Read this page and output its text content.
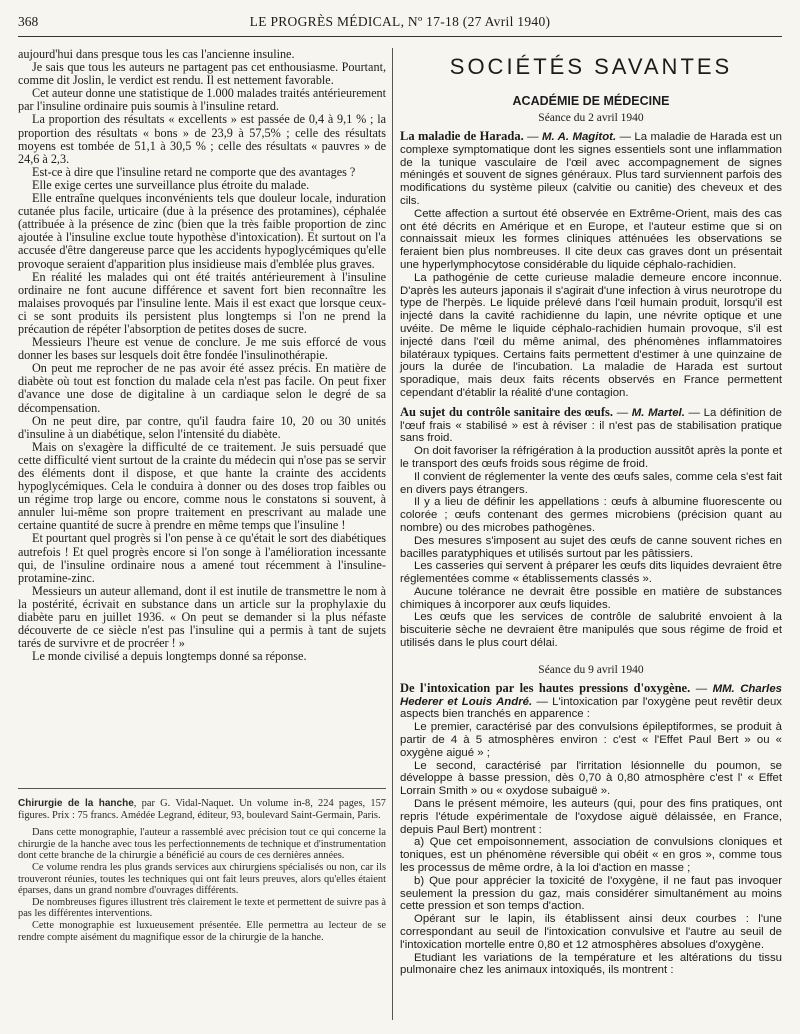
368	LE PROGRÈS MÉDICAL, Nº 17-18 (27 Avril 1940)

aujourd'hui dans presque tous les cas l'ancienne insuline.

Je sais que tous les auteurs ne partagent pas cet enthousiasme. Pourtant, comme dit Joslin, le verdict est rendu. Il est nettement favorable.

Cet auteur donne une statistique de 1.000 malades traités antérieurement par l'insuline ordinaire puis soumis à l'insuline retard.

La proportion des résultats « excellents » est passée de 0,4 à 9,1 % ; la proportion des résultats « bons » de 23,9 à 57,5% ; celle des résultats moyens est tombée de 51,1 à 30,5 % ; celle des résultats « pauvres » de 24,6 à 2,3.

Est-ce à dire que l'insuline retard ne comporte que des avantages ?

Elle exige certes une surveillance plus étroite du malade.

Elle entraîne quelques inconvénients tels que douleur locale, induration cutanée plus facile, urticaire (due à la présence des protamines), céphalée (attribuée à la présence de zinc (bien que la très faible proportion de zinc ajoutée à l'insuline exclue toute hypothèse d'intoxication). Et surtout on l'a accusée d'être dangereuse parce que les accidents hypoglycémiques qu'elle provoque seraient d'apparition plus insidieuse mais d'emblée plus graves.

En réalité les malades qui ont été traités antérieurement à l'insuline ordinaire ne font aucune différence et savent fort bien reconnaître les malaises provoqués par l'insuline lente. Mais il est exact que lorsque ceux-ci se sont produits ils persistent plus longtemps si l'on ne prend la précaution de répéter l'absorption de petites doses de sucre.

Messieurs l'heure est venue de conclure. Je me suis efforcé de vous donner les bases sur lesquels doit être fondée l'insulinothérapie.

On peut me reprocher de ne pas avoir été assez précis. En matière de diabète où tout est fonction du malade cela n'est pas facile. On peut fixer d'avance une dose de digitaline à un cardiaque selon le degré de sa décompensation.

On ne peut dire, par contre, qu'il faudra faire 10, 20 ou 30 unités d'insuline à un diabétique, selon l'intensité du diabète.

Mais on s'exagère la difficulté de ce traitement. Je suis persuadé que cette difficulté vient surtout de la crainte du médecin qui n'ose pas se servir des éléments dont il dispose, et que hante la crainte des accidents hypoglycémiques. Cela le conduira à donner ou des doses trop faibles ou un régime trop large ou encore, comme nous le constatons si souvent, à annuler lui-même son propre traitement en prescrivant au malade une certaine quantité de sucre à prendre en même temps que l'insuline !

Et pourtant quel progrès si l'on pense à ce qu'était le sort des diabétiques autrefois ! Et quel progrès encore si l'on songe à l'amélioration incessante qui, de l'insuline ordinaire nous a amené tout récemment à l'insuline-protamine-zinc.

Messieurs un auteur allemand, dont il est inutile de transmettre le nom à la postérité, écrivait en substance dans un article sur la prophylaxie du diabète paru en juillet 1936. « On peut se demander si la plus néfaste découverte de ce siècle n'est pas l'insuline qui a permis à tant de sujets tarés de survivre et de procréer ! »

Le monde civilisé a depuis longtemps donné sa réponse.

Chirurgie de la hanche, par G. Vidal-Naquet. Un volume in-8, 224 pages, 157 figures. Prix : 75 francs. Amédée Legrand, éditeur, 93, boulevard Saint-Germain, Paris.

Dans cette monographie, l'auteur a rassemblé avec précision tout ce qui concerne la chirurgie de la hanche avec tous les perfectionnements de technique et d'instrumentation dont cette branche de la chirurgie a bénéficié au cours de ces dernières années.

Ce volume rendra les plus grands services aux chirurgiens spécialisés ou non, car ils trouveront réunies, toutes les techniques qui ont fait leurs preuves, alors qu'elles étaient éparses, dans un grand nombre d'ouvrages différents.

De nombreuses figures illustrent très clairement le texte et permettent de suivre pas à pas les différentes interventions.

Cette monographie est luxueusement présentée. Elle permettra au lecteur de se rendre compte aisément du magnifique essor de la chirurgie de la hanche.

SOCIÉTÉS SAVANTES
ACADÉMIE DE MÉDECINE
Séance du 2 avril 1940

La maladie de Harada. — M. A. Magitot. — La maladie de Harada est un complexe symptomatique dont les signes essentiels sont une inflammation de la tunique vasculaire de l'œil avec accompagnement de signes méningés et souvent de signes généraux. Plus tard surviennent parfois des modifications du système pileux (calvitie ou canitie) des cheveux et des cils.

Cette affection a surtout été observée en Extrême-Orient, mais des cas ont été décrits en Amérique et en Europe, et l'auteur estime que si on connaissait mieux les formes cliniques atténuées les observations se feraient bien plus nombreuses. Il cite deux cas graves dont un présentait une hyperlymphocytose considérable du liquide céphalo-rachidien.

La pathogénie de cette curieuse maladie demeure encore inconnue. D'après les auteurs japonais il s'agirait d'une infection à virus neurotrope du type de l'herpès. Le liquide prélevé dans l'œil humain produit, lorsqu'il est injecté dans la cavité rachidienne du lapin, une névrite optique et une uvéite. De même le liquide céphalo-rachidien humain provoque, s'il est injecté dans l'œil du même animal, des phénomènes inflammatoires bilatéraux typiques. Certains faits permettent d'estimer à une quinzaine de jours la durée de l'incubation. La maladie de Harada est surtout sporadique, mais deux faits récents observés en France permettent cependant d'établir la réalité d'une contagion.

Au sujet du contrôle sanitaire des œufs. — M. Martel. — La définition de l'œuf frais « stabilisé » est à réviser : il n'est pas de stabilisation pratique sans froid.

On doit favoriser la réfrigération à la production aussitôt après la ponte et le transport des œufs froids sous régime de froid.

Il convient de réglementer la vente des œufs sales, comme cela s'est fait en divers pays étrangers.

Il y a lieu de définir les appellations : œufs à albumine fluorescente ou colorée ; œufs contenant des germes microbiens (précision quant au nombre) ou des microbes pathogènes.

Des mesures s'imposent au sujet des œufs de canne souvent riches en bacilles paratyphiques et utilisés surtout par les pâtissiers.

Les casseries qui servent à préparer les œufs dits liquides devraient être réglementées comme « établissements classés ».

Aucune tolérance ne devrait être possible en matière de substances chimiques à incorporer aux œufs liquides.

Les œufs que les services de contrôle de salubrité envoient à la biscuiterie sèche ne devraient être manipulés que sous régime de froid et utilisés dans le plus court délai.

Séance du 9 avril 1940

De l'intoxication par les hautes pressions d'oxygène. — MM. Charles Hederer et Louis André. — L'intoxication par l'oxygène peut revêtir deux aspects bien tranchés en apparence :

Le premier, caractérisé par des convulsions épileptiformes, se produit à partir de 4 à 5 atmosphères environ : c'est « l'Effet Paul Bert » ou « oxygène aigué » ;

Le second, caractérisé par l'irritation lésionnelle du poumon, se développe à basse pression, dès 0,70 à 0,80 atmosphère c'est l' « Effet Lorrain Smith » ou « oxydose subaiguë ».

Dans le présent mémoire, les auteurs (qui, pour des fins pratiques, ont repris l'étude expérimentale de l'oxydose aiguë délaissée, en France, depuis Paul Bert) montrent :

a) Que cet empoisonnement, association de convulsions cloniques et toniques, est un phénomène réversible qui obéit « en gros », comme tous les processus de même ordre, à la loi d'action en masse ;

b) Que pour apprécier la toxicité de l'oxygène, il ne faut pas invoquer seulement la pression du gaz, mais considérer simultanément au moins cette pression et son temps d'action.

Opérant sur le lapin, ils établissent ainsi deux courbes : l'une correspondant au seuil de l'intoxication convulsive et l'autre au seuil de l'intoxication mortelle entre 0,80 et 12 atmosphères absolues d'oxygène.

Etudiant les variations de la température et les altérations du tissu pulmonaire chez les animaux intoxiqués, ils montrent :
